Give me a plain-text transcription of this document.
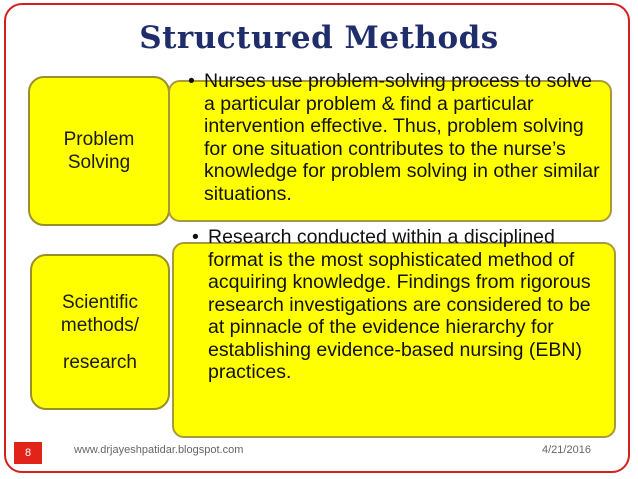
Structured Methods
Problem
Solving
Scientific
methods/
research
• Nurses use problem-solving process to solve a particular problem & find a particular intervention effective. Thus, problem solving for one situation contributes to the nurse’s knowledge for problem solving in other similar situations.
• Research conducted within a disciplined format is the most sophisticated method of acquiring knowledge. Findings from rigorous research investigations are considered to be at pinnacle of the evidence hierarchy for establishing evidence-based nursing (EBN) practices.
8	www.drjayeshpatidar.blogspot.com	4/21/2016
